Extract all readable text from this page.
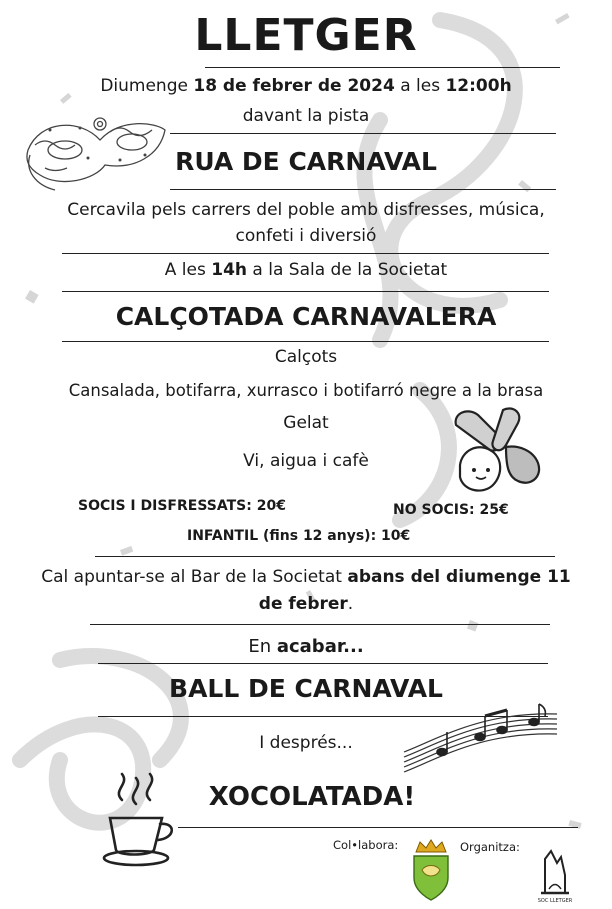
LLETGER
Diumenge 18 de febrer de 2024 a les 12:00h
davant la pista
RUA DE CARNAVAL
Cercavila pels carrers del poble amb disfresses, música,
confeti i diversió
A les 14h a la Sala de la Societat
CALÇOTADA CARNAVALERA
Calçots
Cansalada, botifarra, xurrasco i botifarró negre a la brasa
Gelat
Vi, aigua i cafè
SOCIS I DISFRESSATS: 20€	NO SOCIS: 25€
INFANTIL (fins 12 anys): 10€
Cal apuntar-se al Bar de la Societat abans del diumenge 11
de febrer.
En acabar...
BALL DE CARNAVAL
I després...
XOCOLATADA!
Col•labora:	Organitza:
SOC LLETGER
